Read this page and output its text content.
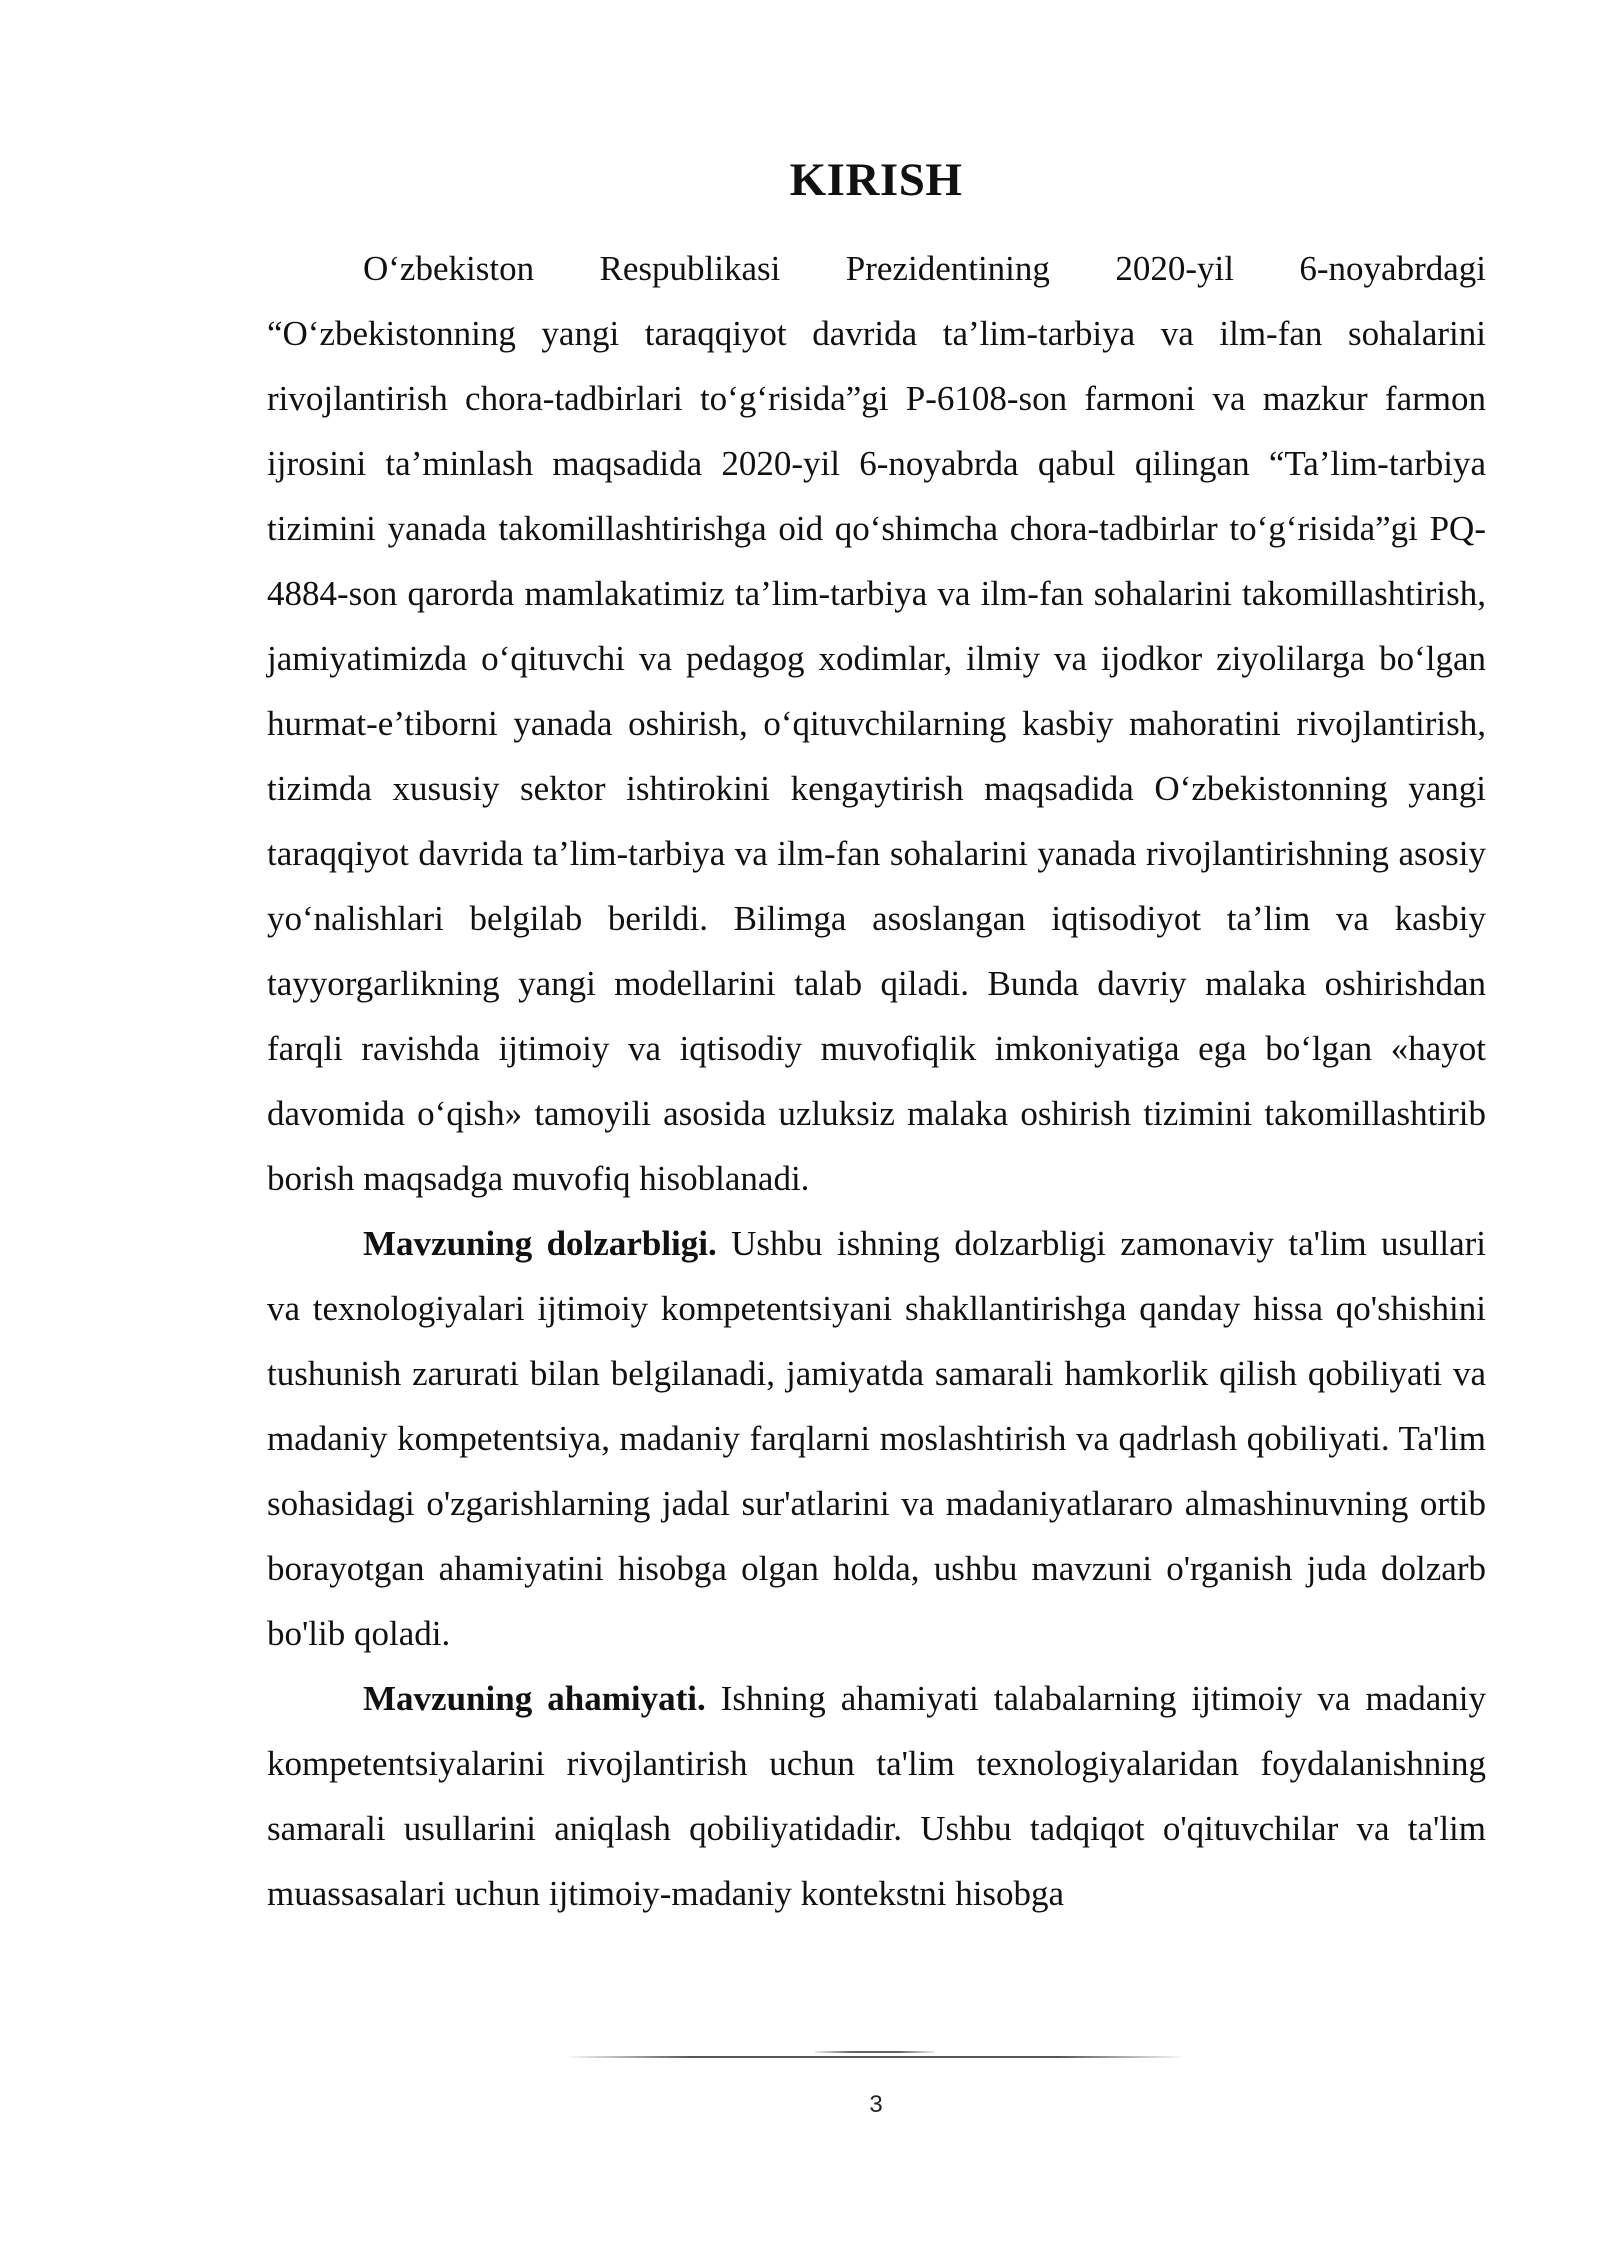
KIRISH

O‘zbekiston Respublikasi Prezidentining 2020-yil 6-noyabrdagi “O‘zbekistonning yangi taraqqiyot davrida ta’lim-tarbiya va ilm-fan sohalarini rivojlantirish chora-tadbirlari to‘g‘risida”gi P-6108-son farmoni va mazkur farmon ijrosini ta’minlash maqsadida 2020-yil 6-noyabrda qabul qilingan “Ta’lim-tarbiya tizimini yanada takomillashtirishga oid qo‘shimcha chora-tadbirlar to‘g‘risida”gi PQ-4884-son qarorda mamlakatimiz ta’lim-tarbiya va ilm-fan sohalarini takomillashtirish, jamiyatimizda o‘qituvchi va pedagog xodimlar, ilmiy va ijodkor ziyolilarga bo‘lgan hurmat-e’tiborni yanada oshirish, o‘qituvchilarning kasbiy mahoratini rivojlantirish, tizimda xususiy sektor ishtirokini kengaytirish maqsadida O‘zbekistonning yangi taraqqiyot davrida ta’lim-tarbiya va ilm-fan sohalarini yanada rivojlantirishning asosiy yo‘nalishlari belgilab berildi. Bilimga asoslangan iqtisodiyot ta’lim va kasbiy tayyorgarlikning yangi modellarini talab qiladi. Bunda davriy malaka oshirishdan farqli ravishda ijtimoiy va iqtisodiy muvofiqlik imkoniyatiga ega bo‘lgan «hayot davomida o‘qish» tamoyili asosida uzluksiz malaka oshirish tizimini takomillashtirib borish maqsadga muvofiq hisoblanadi.

Mavzuning dolzarbligi. Ushbu ishning dolzarbligi zamonaviy ta'lim usullari va texnologiyalari ijtimoiy kompetentsiyani shakllantirishga qanday hissa qo'shishini tushunish zarurati bilan belgilanadi, jamiyatda samarali hamkorlik qilish qobiliyati va madaniy kompetentsiya, madaniy farqlarni moslashtirish va qadrlash qobiliyati. Ta'lim sohasidagi o'zgarishlarning jadal sur'atlarini va madaniyatlararo almashinuvning ortib borayotgan ahamiyatini hisobga olgan holda, ushbu mavzuni o'rganish juda dolzarb bo'lib qoladi.

Mavzuning ahamiyati. Ishning ahamiyati talabalarning ijtimoiy va madaniy kompetentsiyalarini rivojlantirish uchun ta'lim texnologiyalaridan foydalanishning samarali usullarini aniqlash qobiliyatidadir. Ushbu tadqiqot o'qituvchilar va ta'lim muassasalari uchun ijtimoiy-madaniy kontekstni hisobga

3
